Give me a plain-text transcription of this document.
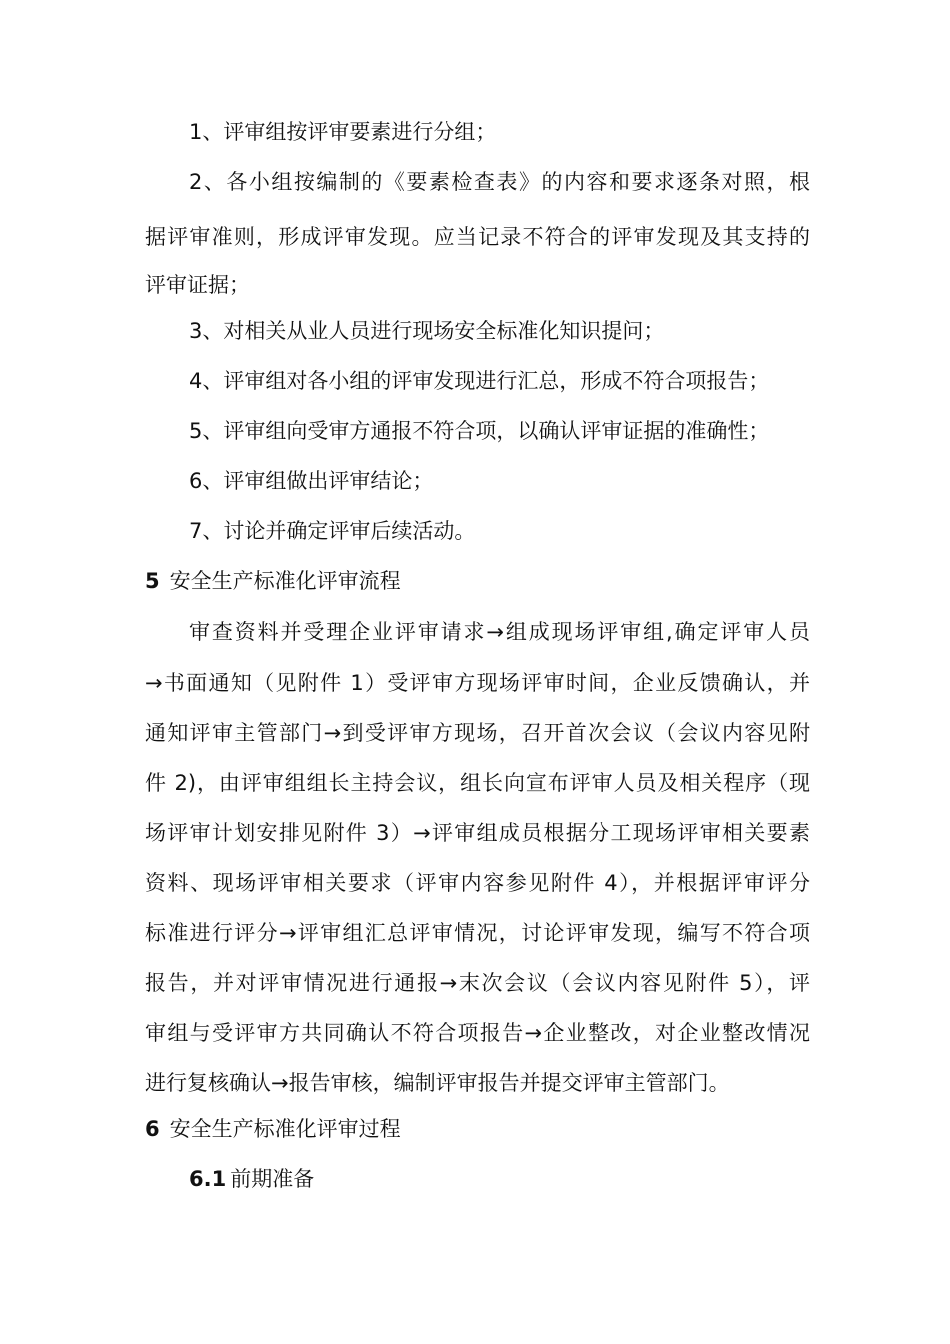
1、评审组按评审要素进行分组；
2、各小组按编制的《要素检查表》的内容和要求逐条对照，根
据评审准则，形成评审发现。应当记录不符合的评审发现及其支持的
评审证据；
3、对相关从业人员进行现场安全标准化知识提问；
4、评审组对各小组的评审发现进行汇总，形成不符合项报告；
5、评审组向受审方通报不符合项，以确认评审证据的准确性；
6、评审组做出评审结论；
7、讨论并确定评审后续活动。
5 安全生产标准化评审流程
审查资料并受理企业评审请求→组成现场评审组,确定评审人员
→书面通知（见附件 1）受评审方现场评审时间，企业反馈确认，并
通知评审主管部门→到受评审方现场，召开首次会议（会议内容见附
件 2)，由评审组组长主持会议，组长向宣布评审人员及相关程序（现
场评审计划安排见附件 3）→评审组成员根据分工现场评审相关要素
资料、现场评审相关要求（评审内容参见附件 4），并根据评审评分
标准进行评分→评审组汇总评审情况，讨论评审发现，编写不符合项
报告，并对评审情况进行通报→末次会议（会议内容见附件 5），评
审组与受评审方共同确认不符合项报告→企业整改，对企业整改情况
进行复核确认→报告审核，编制评审报告并提交评审主管部门。
6 安全生产标准化评审过程
6.1 前期准备
